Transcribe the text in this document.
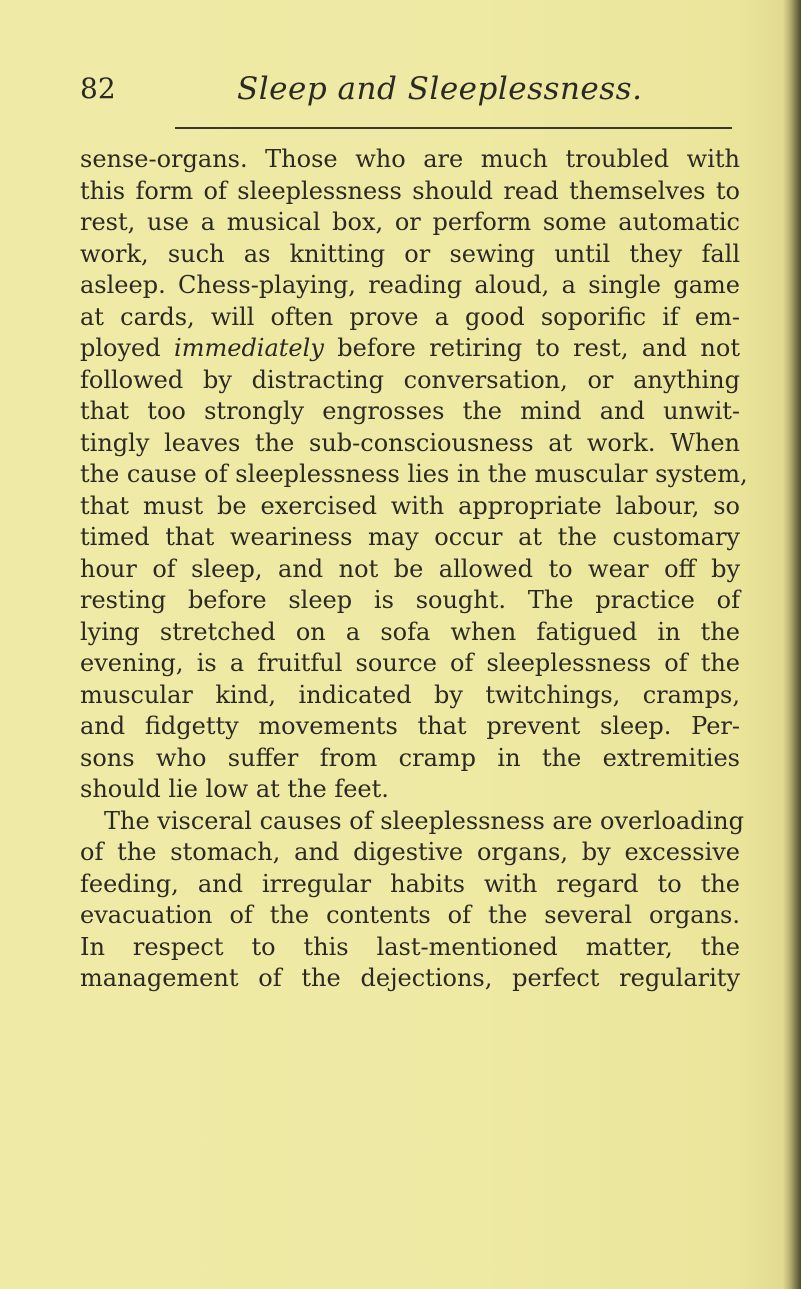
82	Sleep and Sleeplessness.
sense-organs. Those who are much troubled with
this form of sleeplessness should read themselves to
rest, use a musical box, or perform some automatic
work, such as knitting or sewing until they fall
asleep. Chess-playing, reading aloud, a single game
at cards, will often prove a good soporific if em-
ployed immediately before retiring to rest, and not
followed by distracting conversation, or anything
that too strongly engrosses the mind and unwit-
tingly leaves the sub-consciousness at work. When
the cause of sleeplessness lies in the muscular system,
that must be exercised with appropriate labour, so
timed that weariness may occur at the customary
hour of sleep, and not be allowed to wear off by
resting before sleep is sought. The practice of
lying stretched on a sofa when fatigued in the
evening, is a fruitful source of sleeplessness of the
muscular kind, indicated by twitchings, cramps,
and fidgetty movements that prevent sleep. Per-
sons who suffer from cramp in the extremities
should lie low at the feet.
The visceral causes of sleeplessness are overloading
of the stomach, and digestive organs, by excessive
feeding, and irregular habits with regard to the
evacuation of the contents of the several organs.
In respect to this last-mentioned matter, the
management of the dejections, perfect regularity
